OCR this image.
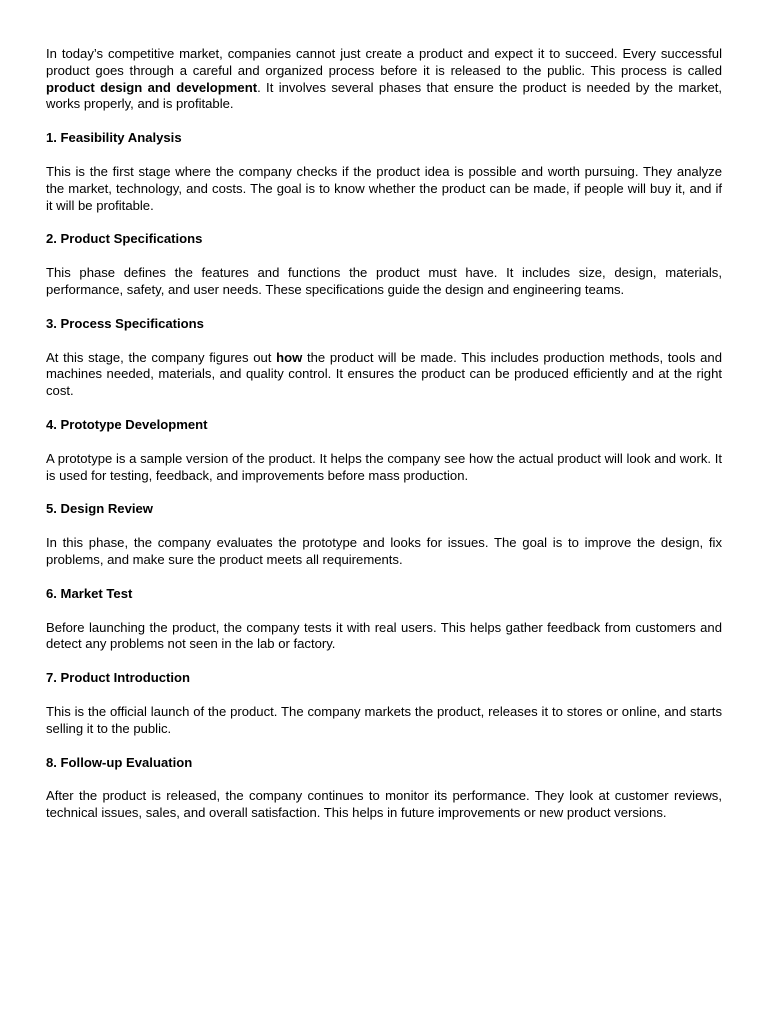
In today’s competitive market, companies cannot just create a product and expect it to succeed. Every successful product goes through a careful and organized process before it is released to the public. This process is called product design and development. It involves several phases that ensure the product is needed by the market, works properly, and is profitable.

1. Feasibility Analysis

This is the first stage where the company checks if the product idea is possible and worth pursuing. They analyze the market, technology, and costs. The goal is to know whether the product can be made, if people will buy it, and if it will be profitable.

2. Product Specifications

This phase defines the features and functions the product must have. It includes size, design, materials, performance, safety, and user needs. These specifications guide the design and engineering teams.

3. Process Specifications

At this stage, the company figures out how the product will be made. This includes production methods, tools and machines needed, materials, and quality control. It ensures the product can be produced efficiently and at the right cost.

4. Prototype Development

A prototype is a sample version of the product. It helps the company see how the actual product will look and work. It is used for testing, feedback, and improvements before mass production.

5. Design Review

In this phase, the company evaluates the prototype and looks for issues. The goal is to improve the design, fix problems, and make sure the product meets all requirements.

6. Market Test

Before launching the product, the company tests it with real users. This helps gather feedback from customers and detect any problems not seen in the lab or factory.

7. Product Introduction

This is the official launch of the product. The company markets the product, releases it to stores or online, and starts selling it to the public.

8. Follow-up Evaluation

After the product is released, the company continues to monitor its performance. They look at customer reviews, technical issues, sales, and overall satisfaction. This helps in future improvements or new product versions.
